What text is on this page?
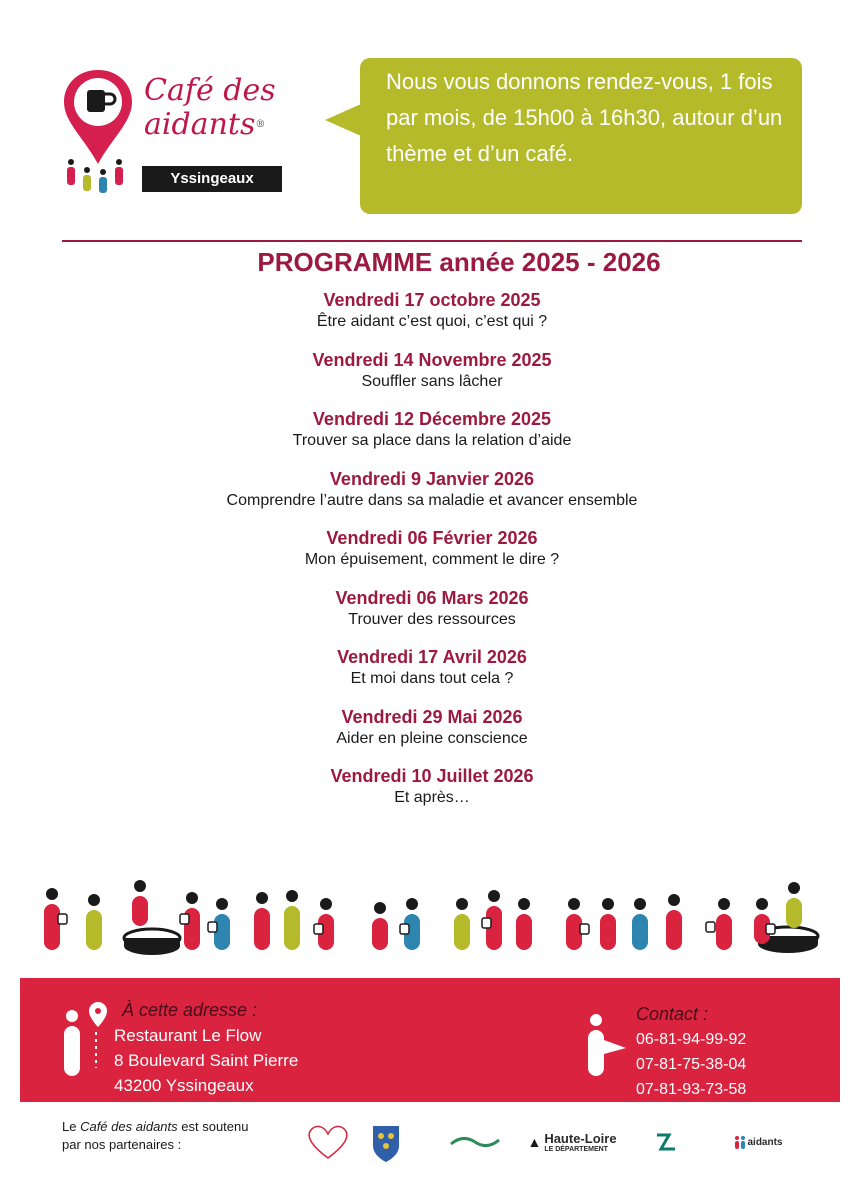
Café des
aidants®
Yssingeaux
Nous vous donnons rendez-vous, 1 fois par mois, de 15h00 à 16h30, autour d’un thème et d’un café.
PROGRAMME année 2025 - 2026
Vendredi 17 octobre 2025
Être aidant c’est quoi, c’est qui ?
Vendredi 14 Novembre 2025
Souffler sans lâcher
Vendredi 12 Décembre 2025
Trouver sa place dans la relation d’aide
Vendredi 9 Janvier 2026
Comprendre l’autre dans sa maladie et avancer ensemble
Vendredi 06 Février 2026
Mon épuisement, comment le dire ?
Vendredi 06 Mars 2026
Trouver des ressources
Vendredi 17 Avril 2026
Et moi dans tout cela ?
Vendredi 29 Mai 2026
Aider en pleine conscience
Vendredi 10 Juillet 2026
Et après…
À cette adresse :
Restaurant Le Flow
8 Boulevard Saint Pierre
43200 Yssingeaux
Contact :
06-81-94-99-92
07-81-75-38-04
07-81-93-73-58
Le Café des aidants est soutenu
par nos partenaires :	▲ Haute-Loire
LE DÉPARTEMENT
aidants
